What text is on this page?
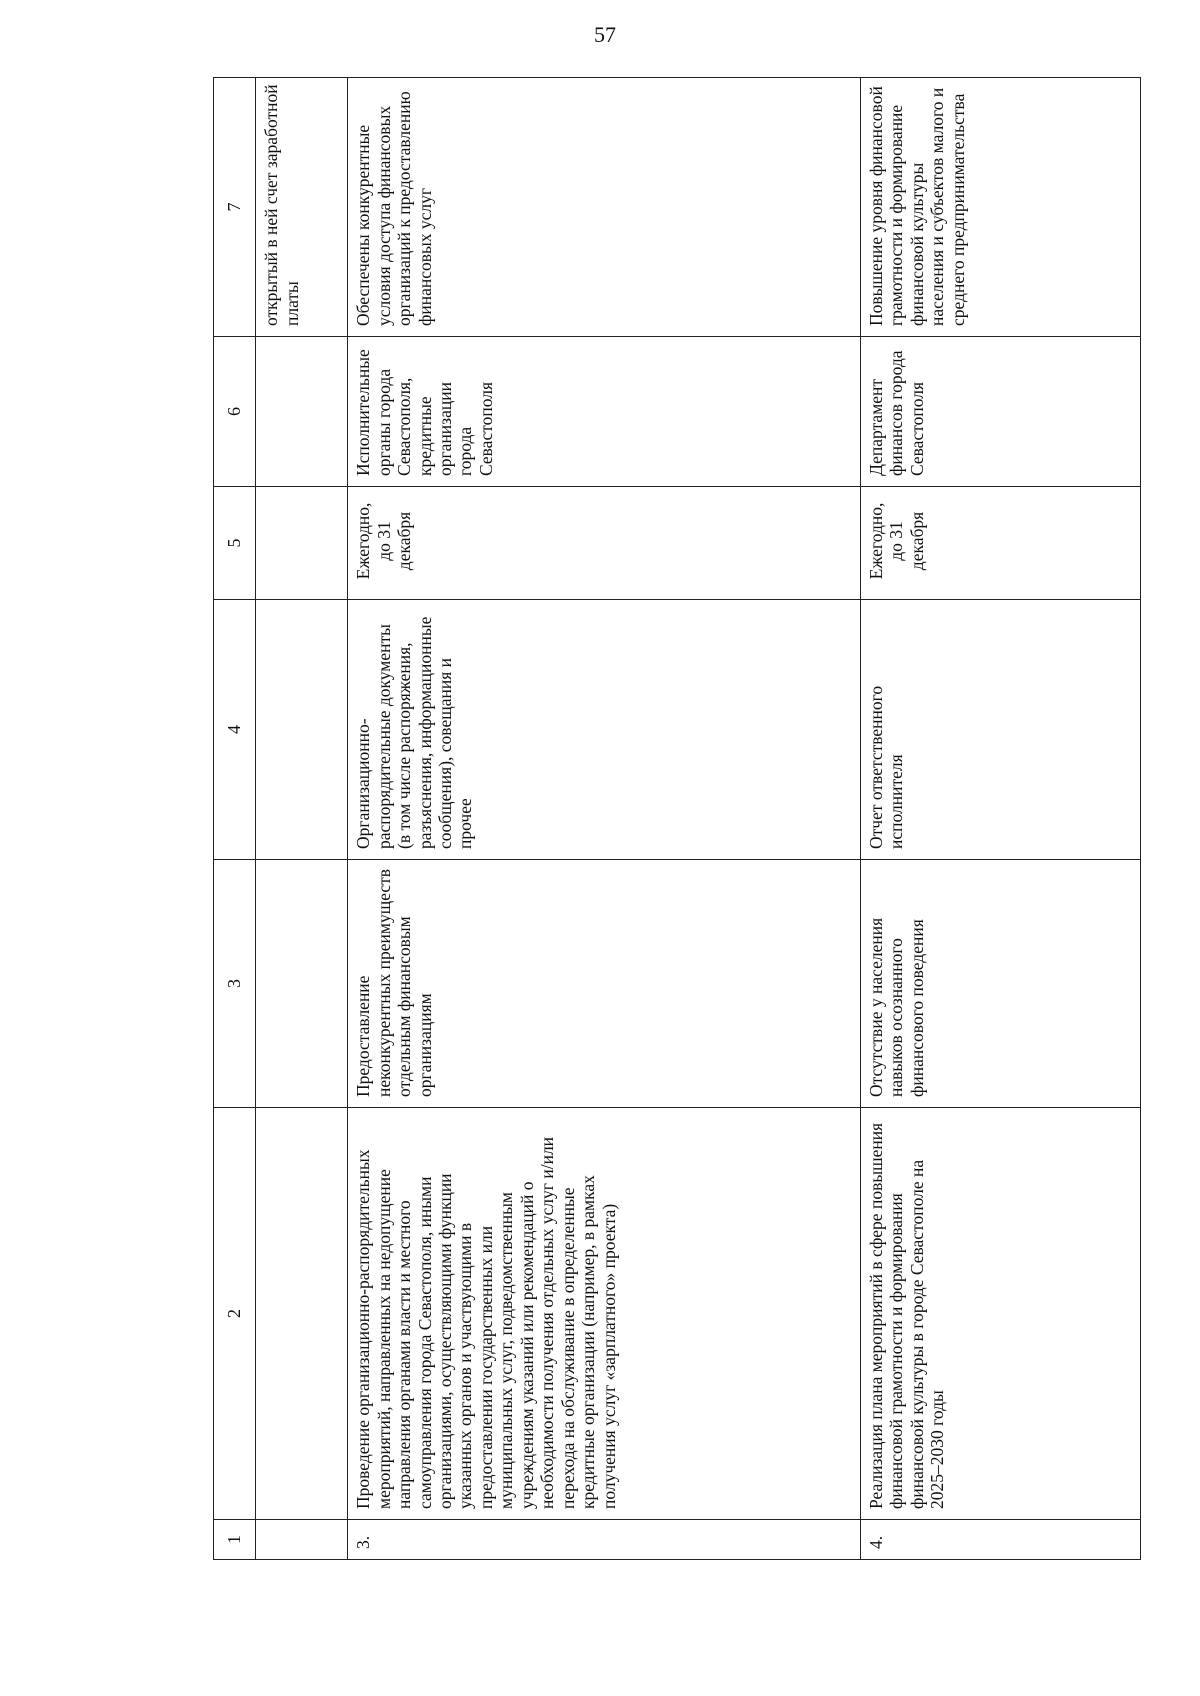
57
1	2	3	4	5	6	7
						открытый в ней счет заработной платы
3.	Проведение организационно-распорядительных мероприятий, направленных на недопущение направления органами власти и местного самоуправления города Севастополя, иными организациями, осуществляющими функции указанных органов и участвующими в предоставлении государственных или муниципальных услуг, подведомственным учреждениям указаний или рекомендаций о необходимости получения отдельных услуг и/или перехода на обслуживание в определенные кредитные организации (например, в рамках получения услуг «зарплатного» проекта)	Предоставление неконкурентных преимуществ отдельным финансовым организациям	Организационно-распорядительные документы (в том числе распоряжения, разъяснения, информационные сообщения), совещания и прочее	Ежегодно, до 31 декабря	Исполнительные органы города Севастополя, кредитные организации города Севастополя	Обеспечены конкурентные условия доступа финансовых организаций к предоставлению финансовых услуг
4.	Реализация плана мероприятий в сфере повышения финансовой грамотности и формирования финансовой культуры в городе Севастополе на 2025–2030 годы	Отсутствие у населения навыков осознанного финансового поведения	Отчет ответственного исполнителя	Ежегодно, до 31 декабря	Департамент финансов города Севастополя	Повышение уровня финансовой грамотности и формирование финансовой культуры населения и субъектов малого и среднего предпринимательства
